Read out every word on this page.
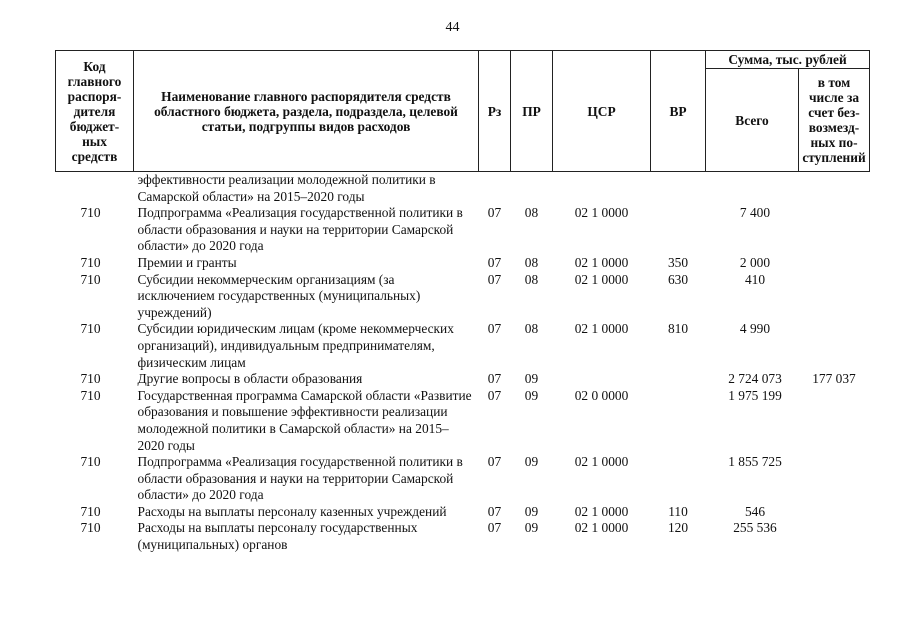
44
Код главного распоря- дителя бюджет- ных средств	Наименование главного распорядителя средств областного бюджета, раздела, подраздела, целевой статьи, подгруппы видов расходов	Рз	ПР	ЦСР	ВР	Сумма, тыс. рублей	
						Всего	в том числе за счет без- возмезд- ных по- ступлений
	эффективности реализации молодежной политики в Самарской области» на 2015–2020 годы						
710	Подпрограмма «Реализация государственной политики в области образования и науки на территории Самарской области» до 2020 года	07	08	02 1 0000		7 400	
710	Премии и гранты	07	08	02 1 0000	350	2 000	
710	Субсидии некоммерческим организациям (за исключением государственных (муниципальных) учреждений)	07	08	02 1 0000	630	410	
710	Субсидии юридическим лицам (кроме некоммерческих организаций), индивидуальным предпринимателям, физическим лицам	07	08	02 1 0000	810	4 990	
710	Другие вопросы в области образования	07	09			2 724 073	177 037
710	Государственная программа Самарской области «Развитие образования и повышение эффективности реализации молодежной политики в Самарской области» на 2015–2020 годы	07	09	02 0 0000		1 975 199	
710	Подпрограмма «Реализация государственной политики в области образования и науки на территории Самарской области» до 2020 года	07	09	02 1 0000		1 855 725	
710	Расходы на выплаты персоналу казенных учреждений	07	09	02 1 0000	110	546	
710	Расходы на выплаты персоналу государственных (муниципальных) органов	07	09	02 1 0000	120	255 536	
